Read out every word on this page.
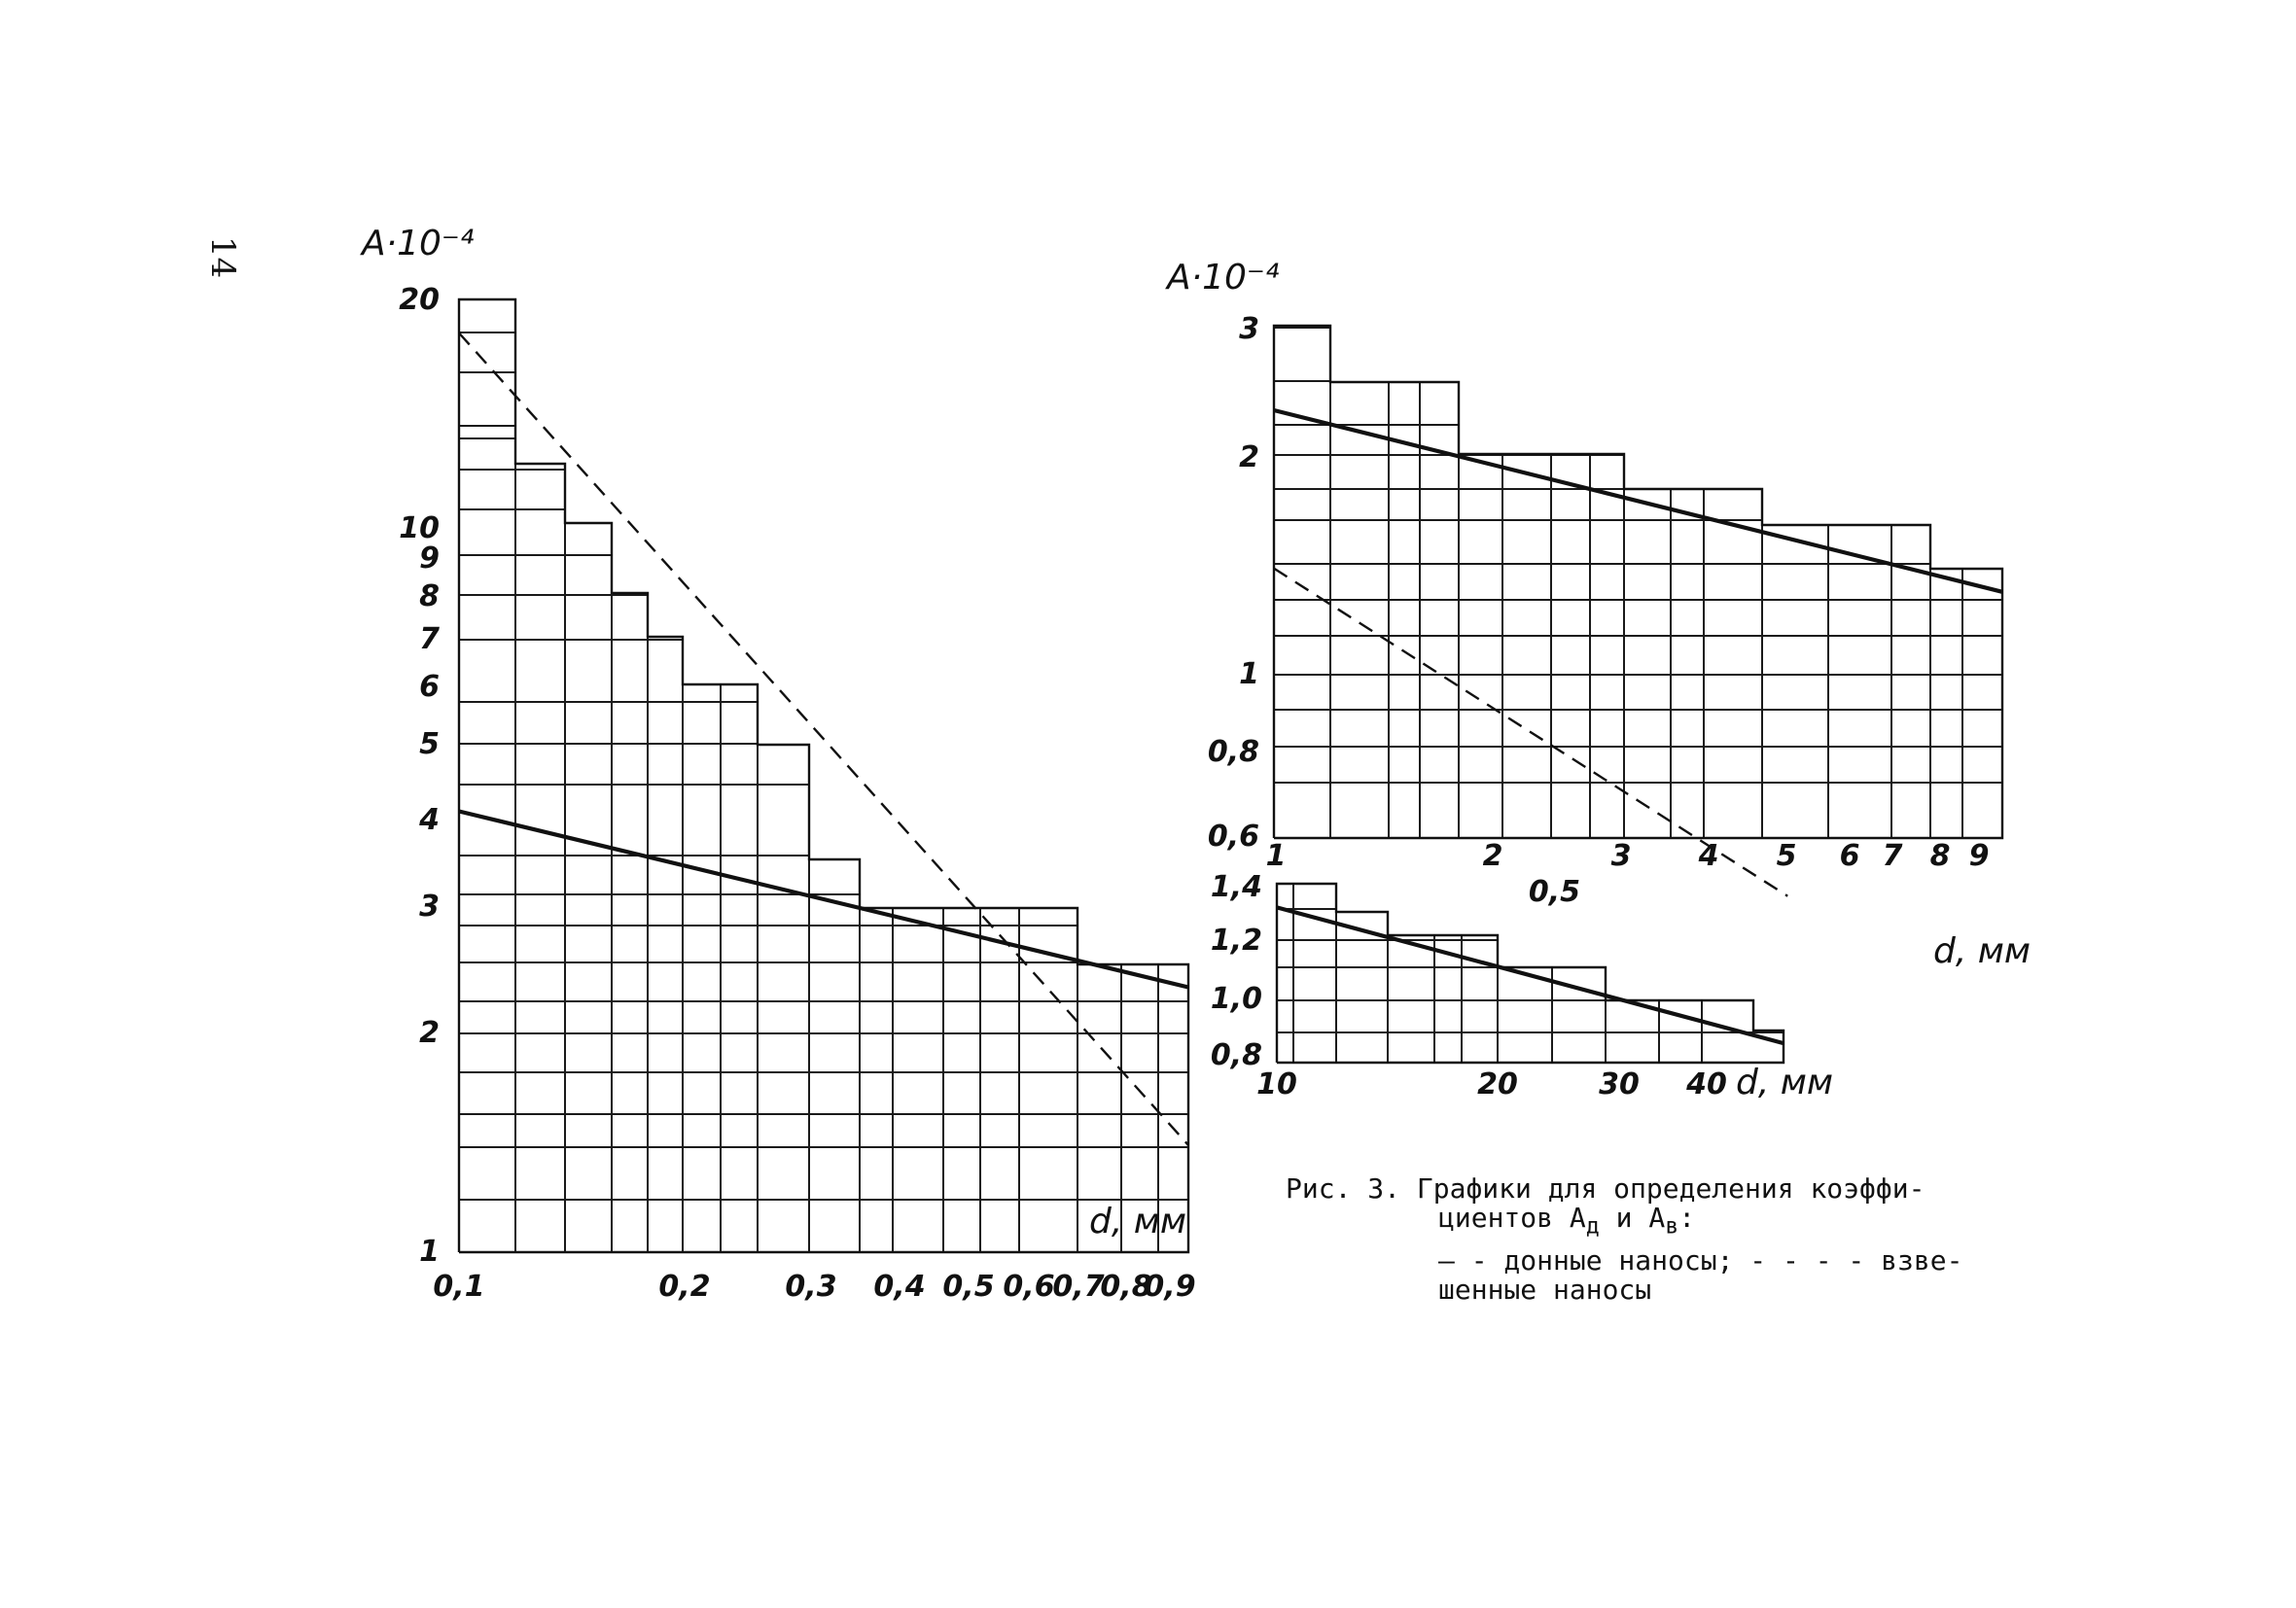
0,1	0,2	0,3 0,4 0,5 0,6
0,7
0,8
0,9
1
2
3
4
5
6
7
8
9
10
20
A·10⁻⁴
d, мм
1	2	3 4 5 6 7 8 9
0,6
0,8
1
2
3
0,5
A·10⁻⁴
d, мм
10	20	30 40
0,8
1,0
1,2
1,4
d, мм
14
Рис. 3. Графики для определения коэффи-
циентов $А_д$ и $А_в$:
— - донные наносы; - - - - взве-
шенные наносы
